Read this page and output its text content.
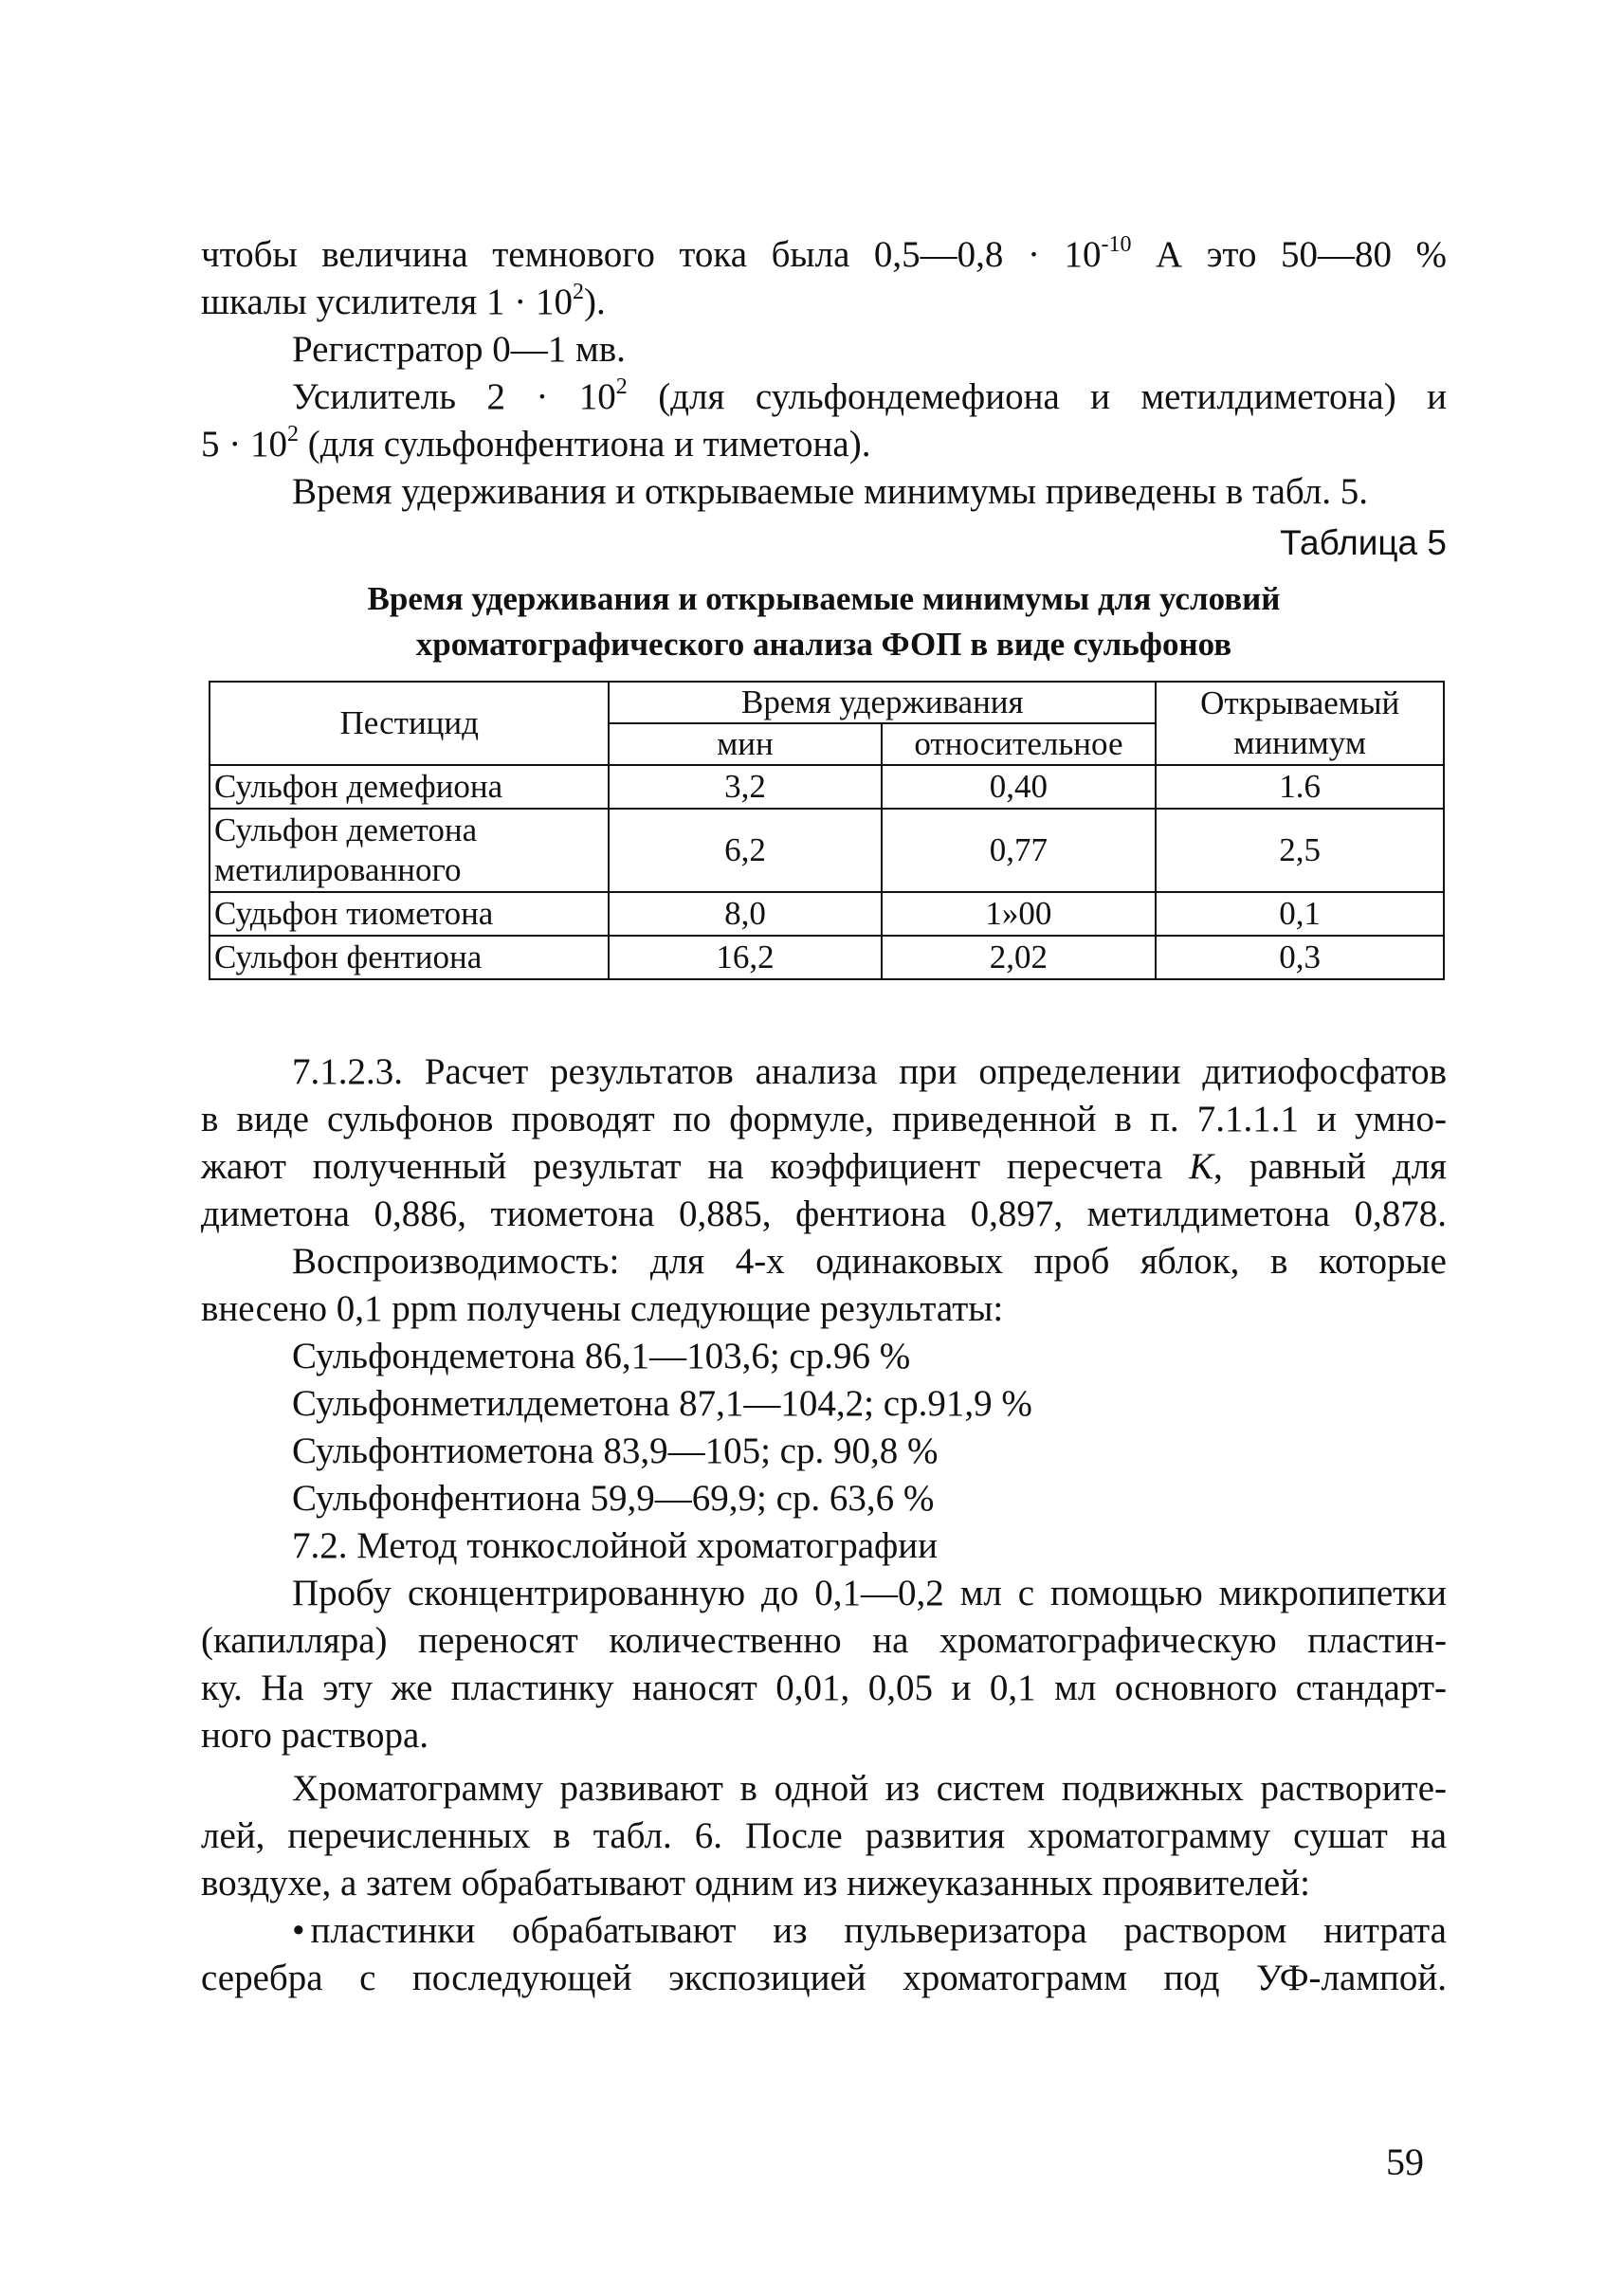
чтобы величина темнового тока была 0,5—0,8 · $10^{-10}$ А это 50—80 %

шкалы усилителя $1 \cdot 10^2$).

Регистратор 0—1 мв.

Усилитель $2 \cdot 10^2$ (для сульфондемефиона и метилдиметона) и

$5 \cdot 10^2$ (для сульфонфентиона и тиметона).

Время удерживания и открываемые минимумы приведены в табл. 5.

Таблица 5
Время удерживания и открываемые минимумы для условий
хроматографического анализа ФОП в виде сульфонов
Пестицид	Время удерживания		Открываемый
минимум

	мин	относительное	
Сульфон демефиона	3,2	0,40	1.6

Сульфон деметона
метилированного	6,2	0,77	2,5
Судьфон тиометона	8,0	1»00	0,1
Сульфон фентиона	16,2	2,02	0,3

7.1.2.3. Расчет результатов анализа при определении дитиофосфатов

в виде сульфонов проводят по формуле, приведенной в п. 7.1.1.1 и умно-

жают полученный результат на коэффициент пересчета К, равный для

диметона 0,886, тиометона 0,885, фентиона 0,897, метилдиметона 0,878.

Воспроизводимость: для 4-х одинаковых проб яблок, в которые

внесено 0,1 ppm получены следующие результаты:

Сульфондеметона 86,1—103,6; ср.96 %

Сульфонметилдеметона 87,1—104,2; ср.91,9 %

Сульфонтиометона 83,9—105; ср. 90,8 %

Сульфонфентиона 59,9—69,9; ср. 63,6 %

7.2. Метод тонкослойной хроматографии

Пробу сконцентрированную до 0,1—0,2 мл с помощью микропипетки

(капилляра) переносят количественно на хроматографическую пластин-

ку. На эту же пластинку наносят 0,01, 0,05 и 0,1 мл основного стандарт-

ного раствора.

Хроматограмму развивают в одной из систем подвижных растворите-

лей, перечисленных в табл. 6. После развития хроматограмму сушат на

воздухе, а затем обрабатывают одним из нижеуказанных проявителей:

• пластинки обрабатывают из пульверизатора раствором нитрата

серебра с последующей экспозицией хроматограмм под УФ-лампой.

59
